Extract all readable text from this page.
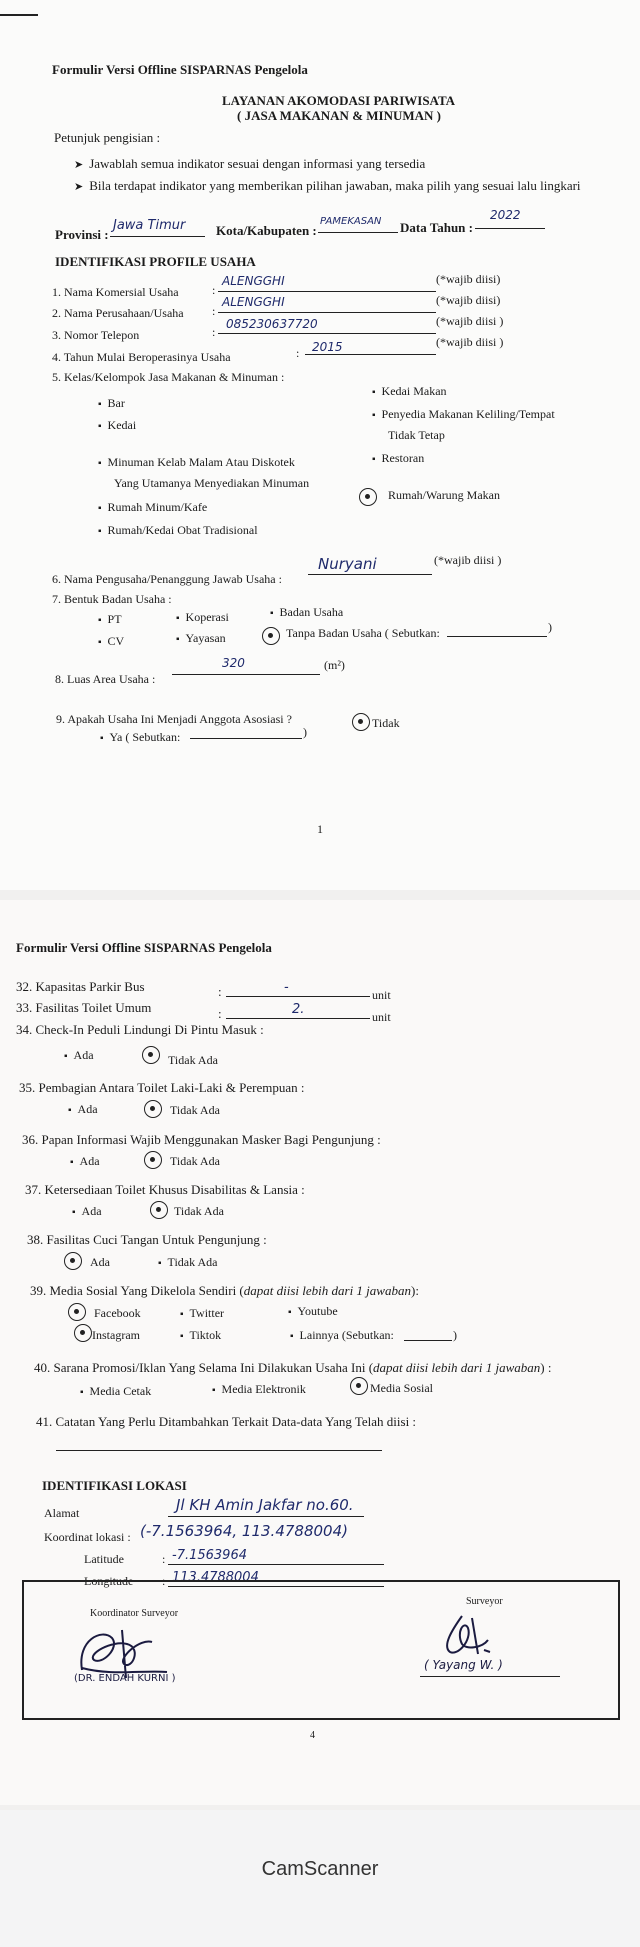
Formulir Versi Offline SISPARNAS Pengelola
LAYANAN AKOMODASI PARIWISATA
( JASA MAKANAN & MINUMAN )
Petunjuk pengisian :
➤ Jawablah semua indikator sesuai dengan informasi yang tersedia
➤ Bila terdapat indikator yang memberikan pilihan jawaban, maka pilih yang sesuai lalu lingkari
Provinsi :
Jawa Timur Kota/Kabupaten :
PAMEKASAN Data Tahun :
2022
IDENTIFIKASI PROFILE USAHA
1. Nama Komersial Usaha	:
ALENGGHI	(*wajib diisi)
2. Nama Perusahaan/Usaha :
ALENGGHI	(*wajib diisi)
3. Nomor Telepon	:
085230637720	(*wajib diisi )
4. Tahun Mulai Beroperasinya Usaha	: 2015	(*wajib diisi )
5. Kelas/Kelompok Jasa Makanan & Minuman :
▪ Bar
▪ Kedai
▪ Minuman Kelab Malam Atau Diskotek
Yang Utamanya Menyediakan Minuman
▪ Rumah Minum/Kafe
▪ Rumah/Kedai Obat Tradisional
▪ Kedai Makan
▪ Penyedia Makanan Keliling/Tempat
Tidak Tetap
▪ Restoran
Rumah/Warung Makan
6. Nama Pengusaha/Penanggung Jawab Usaha :
Nuryani	(*wajib diisi )
7. Bentuk Badan Usaha :
▪ PT	▪ Koperasi	▪ Badan Usaha
▪ CV	▪ Yayasan	Tanpa Badan Usaha ( Sebutkan:	)
8. Luas Area Usaha :
320	(m²)
9. Apakah Usaha Ini Menjadi Anggota Asosiasi ?
▪ Ya ( Sebutkan:	)
Tidak
1
Formulir Versi Offline SISPARNAS Pengelola
32. Kapasitas Parkir Bus	:	-	unit
33. Fasilitas Toilet Umum	:	2.	unit
34. Check-In Peduli Lindungi Di Pintu Masuk :
▪ Ada	Tidak Ada
35. Pembagian Antara Toilet Laki-Laki & Perempuan :
▪ Ada	Tidak Ada
36. Papan Informasi Wajib Menggunakan Masker Bagi Pengunjung :
▪ Ada	Tidak Ada
37. Ketersediaan Toilet Khusus Disabilitas & Lansia :
▪ Ada	Tidak Ada
38. Fasilitas Cuci Tangan Untuk Pengunjung :
Ada	▪ Tidak Ada
39. Media Sosial Yang Dikelola Sendiri (dapat diisi lebih dari 1 jawaban):
Facebook	▪ Twitter	▪ Youtube
Instagram	▪ Tiktok	▪ Lainnya (Sebutkan:	)
40. Sarana Promosi/Iklan Yang Selama Ini Dilakukan Usaha Ini (dapat diisi lebih dari 1 jawaban) :
▪ Media Cetak	▪ Media Elektronik	Media Sosial
41. Catatan Yang Perlu Ditambahkan Terkait Data-data Yang Telah diisi :
IDENTIFIKASI LOKASI
Alamat	Jl KH Amin Jakfar no.60.
Koordinat lokasi : (-7.1563964, 113.4788004)
Latitude	: -7.1563964
Longitude : 113.4788004
Koordinator Surveyor
(DR. ENDAH KURNI )
Surveyor
( Yayang W. )
4
CamScanner
